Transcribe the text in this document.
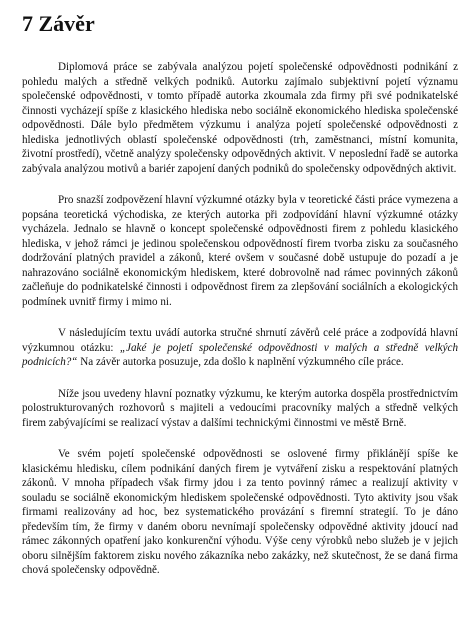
7 Závěr

Diplomová práce se zabývala analýzou pojetí společenské odpovědnosti podnikání z pohledu malých a středně velkých podniků. Autorku zajímalo subjektivní pojetí významu společenské odpovědnosti, v tomto případě autorka zkoumala zda firmy při své podnikatelské činnosti vycházejí spíše z klasického hlediska nebo sociálně ekonomického hlediska společenské odpovědnosti. Dále bylo předmětem výzkumu i analýza pojetí společenské odpovědnosti z hlediska jednotlivých oblastí společenské odpovědnosti (trh, zaměstnanci, místní komunita, životní prostředí), včetně analýzy společensky odpovědných aktivit. V neposlední řadě se autorka zabývala analýzou motivů a bariér zapojení daných podniků do společensky odpovědných aktivit.

Pro snazší zodpovězení hlavní výzkumné otázky byla v teoretické části práce vymezena a popsána teoretická východiska, ze kterých autorka při zodpovídání hlavní výzkumné otázky vycházela. Jednalo se hlavně o koncept společenské odpovědnosti firem z pohledu klasického hlediska, v jehož rámci je jedinou společenskou odpovědností firem tvorba zisku za současného dodržování platných pravidel a zákonů, které ovšem v současné době ustupuje do pozadí a je nahrazováno sociálně ekonomickým hlediskem, které dobrovolně nad rámec povinných zákonů začleňuje do podnikatelské činnosti i odpovědnost firem za zlepšování sociálních a ekologických podmínek uvnitř firmy i mimo ni.

V následujícím textu uvádí autorka stručné shrnutí závěrů celé práce a zodpovídá hlavní výzkumnou otázku: „Jaké je pojetí společenské odpovědnosti v malých a středně velkých podnicích?“ Na závěr autorka posuzuje, zda došlo k naplnění výzkumného cíle práce.

Níže jsou uvedeny hlavní poznatky výzkumu, ke kterým autorka dospěla prostřednictvím polostrukturovaných rozhovorů s majiteli a vedoucími pracovníky malých a středně velkých firem zabývajícími se realizací výstav a dalšími technickými činnostmi ve městě Brně.

Ve svém pojetí společenské odpovědnosti se oslovené firmy přiklánějí spíše ke klasickému hledisku, cílem podnikání daných firem je vytváření zisku a respektování platných zákonů. V mnoha případech však firmy jdou i za tento povinný rámec a realizují aktivity v souladu se sociálně ekonomickým hlediskem společenské odpovědnosti. Tyto aktivity jsou však firmami realizovány ad hoc, bez systematického provázání s firemní strategií. To je dáno především tím, že firmy v daném oboru nevnímají společensky odpovědné aktivity jdoucí nad rámec zákonných opatření jako konkurenční výhodu. Výše ceny výrobků nebo služeb je v jejich oboru silnějším faktorem zisku nového zákazníka nebo zakázky, než skutečnost, že se daná firma chová společensky odpovědně.
